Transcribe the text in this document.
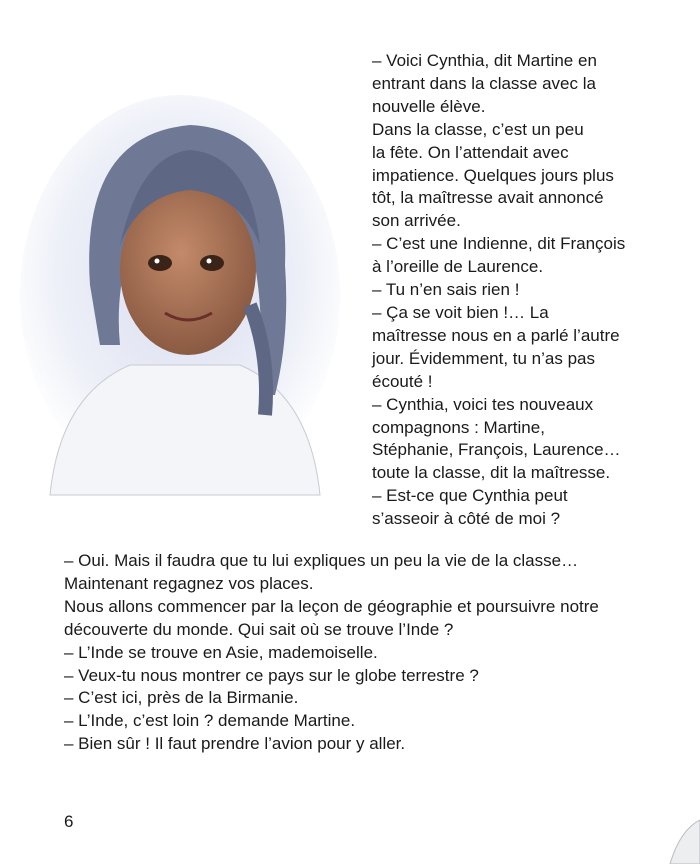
– Voici Cynthia, dit Martine en
entrant dans la classe avec la
nouvelle élève.
Dans la classe, c’est un peu
la fête. On l’attendait avec
impatience. Quelques jours plus
tôt, la maîtresse avait annoncé
son arrivée.
– C’est une Indienne, dit François
à l’oreille de Laurence.
– Tu n’en sais rien !
– Ça se voit bien !… La
maîtresse nous en a parlé l’autre
jour. Évidemment, tu n’as pas
écouté !
– Cynthia, voici tes nouveaux
compagnons : Martine,
Stéphanie, François, Laurence…
toute la classe, dit la maîtresse.
– Est-ce que Cynthia peut
s’asseoir à côté de moi ?
– Oui. Mais il faudra que tu lui expliques un peu la vie de la classe…
Maintenant regagnez vos places.
Nous allons commencer par la leçon de géographie et poursuivre notre
découverte du monde. Qui sait où se trouve l’Inde ?
– L’Inde se trouve en Asie, mademoiselle.
– Veux-tu nous montrer ce pays sur le globe terrestre ?
– C’est ici, près de la Birmanie.
– L’Inde, c’est loin ? demande Martine.
– Bien sûr ! Il faut prendre l’avion pour y aller.
6
